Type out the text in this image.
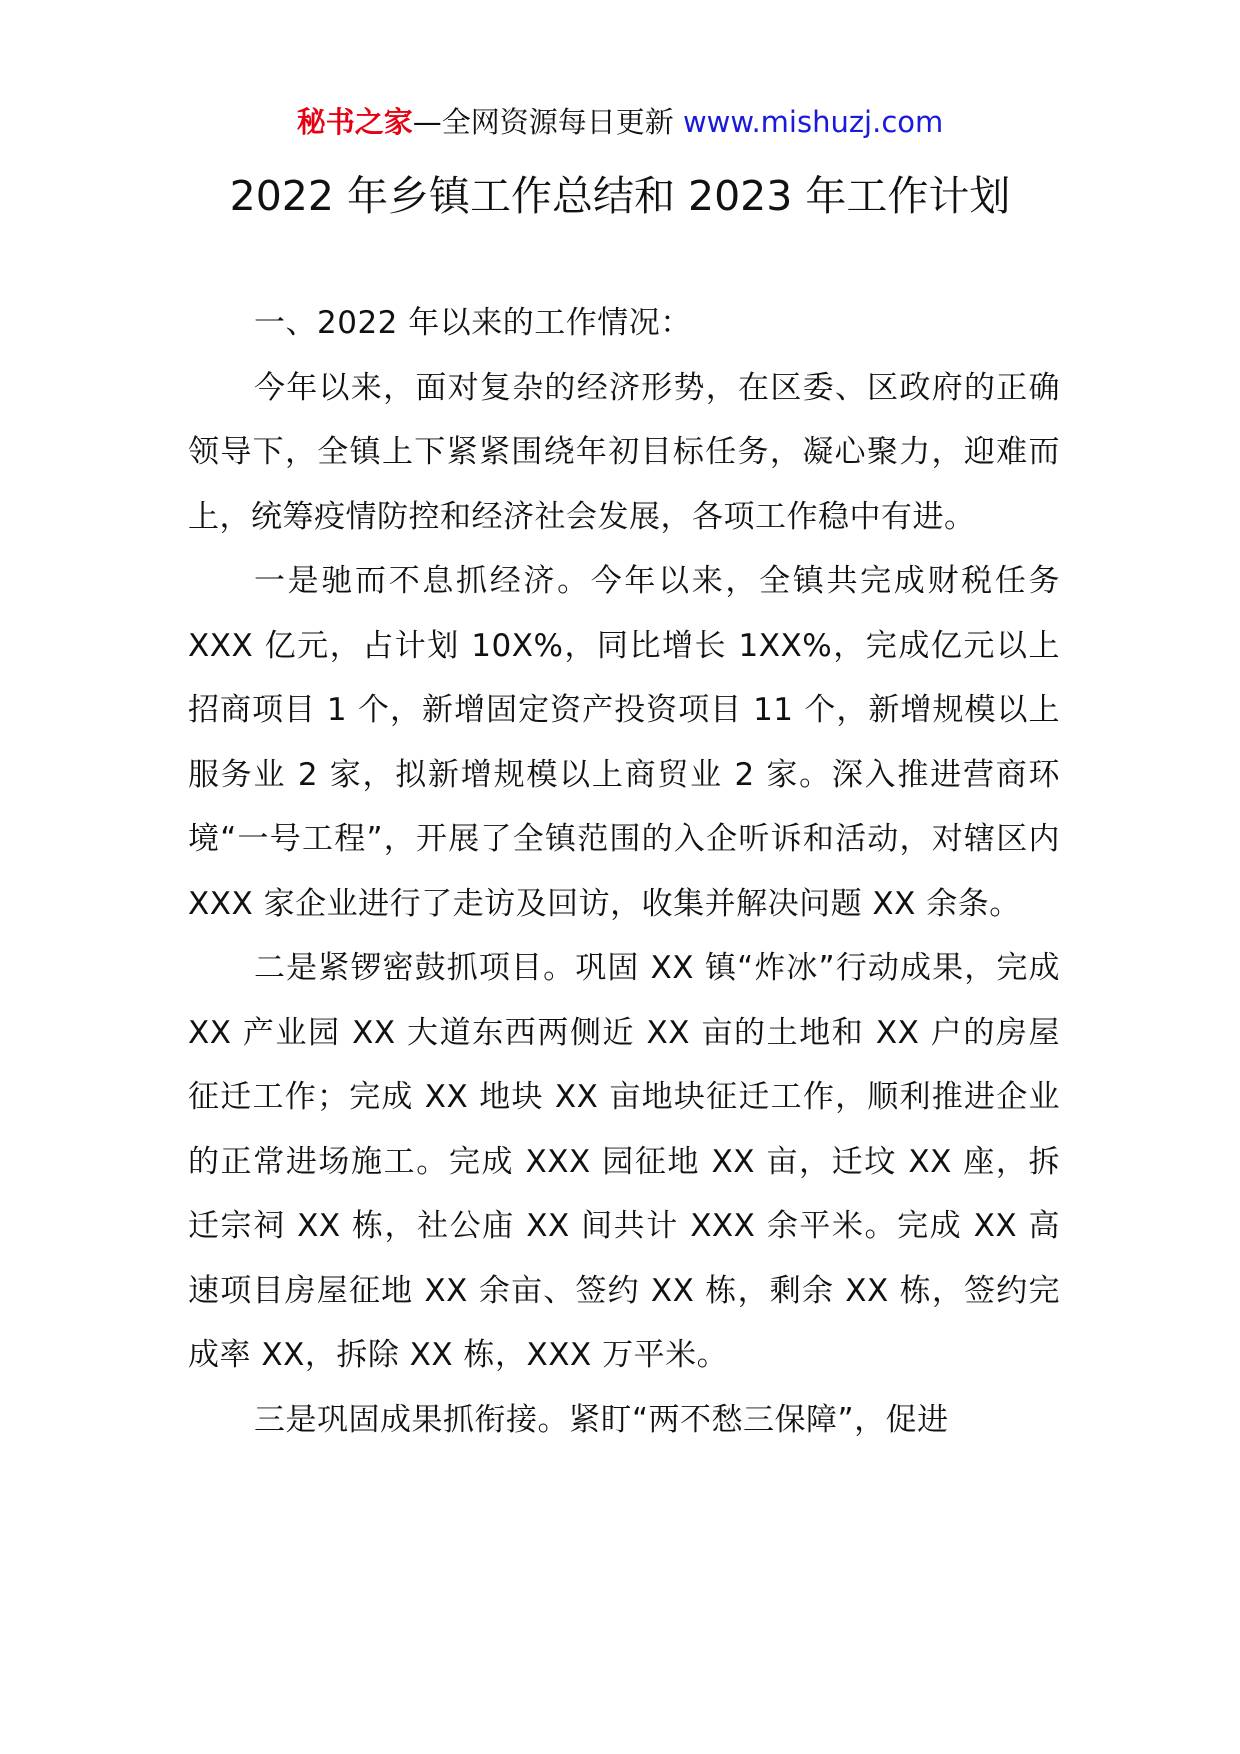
秘书之家—全网资源每日更新 www.mishuzj.com
2022 年乡镇工作总结和 2023 年工作计划

一、2022 年以来的工作情况：

今年以来，面对复杂的经济形势，在区委、区政府的正确领导下，全镇上下紧紧围绕年初目标任务，凝心聚力，迎难而上，统筹疫情防控和经济社会发展，各项工作稳中有进。

一是驰而不息抓经济。今年以来，全镇共完成财税任务 XXX 亿元，占计划 10X%，同比增长 1XX%，完成亿元以上招商项目 1 个，新增固定资产投资项目 11 个，新增规模以上服务业 2 家，拟新增规模以上商贸业 2 家。深入推进营商环境“一号工程”，开展了全镇范围的入企听诉和活动，对辖区内 XXX 家企业进行了走访及回访，收集并解决问题 XX 余条。

二是紧锣密鼓抓项目。巩固 XX 镇“炸冰”行动成果，完成 XX 产业园 XX 大道东西两侧近 XX 亩的土地和 XX 户的房屋征迁工作；完成 XX 地块 XX 亩地块征迁工作，顺利推进企业的正常进场施工。完成 XXX 园征地 XX 亩，迁坟 XX 座，拆迁宗祠 XX 栋，社公庙 XX 间共计 XXX 余平米。完成 XX 高速项目房屋征地 XX 余亩、签约 XX 栋，剩余 XX 栋，签约完成率 XX，拆除 XX 栋，XXX 万平米。

三是巩固成果抓衔接。紧盯“两不愁三保障”，促进
